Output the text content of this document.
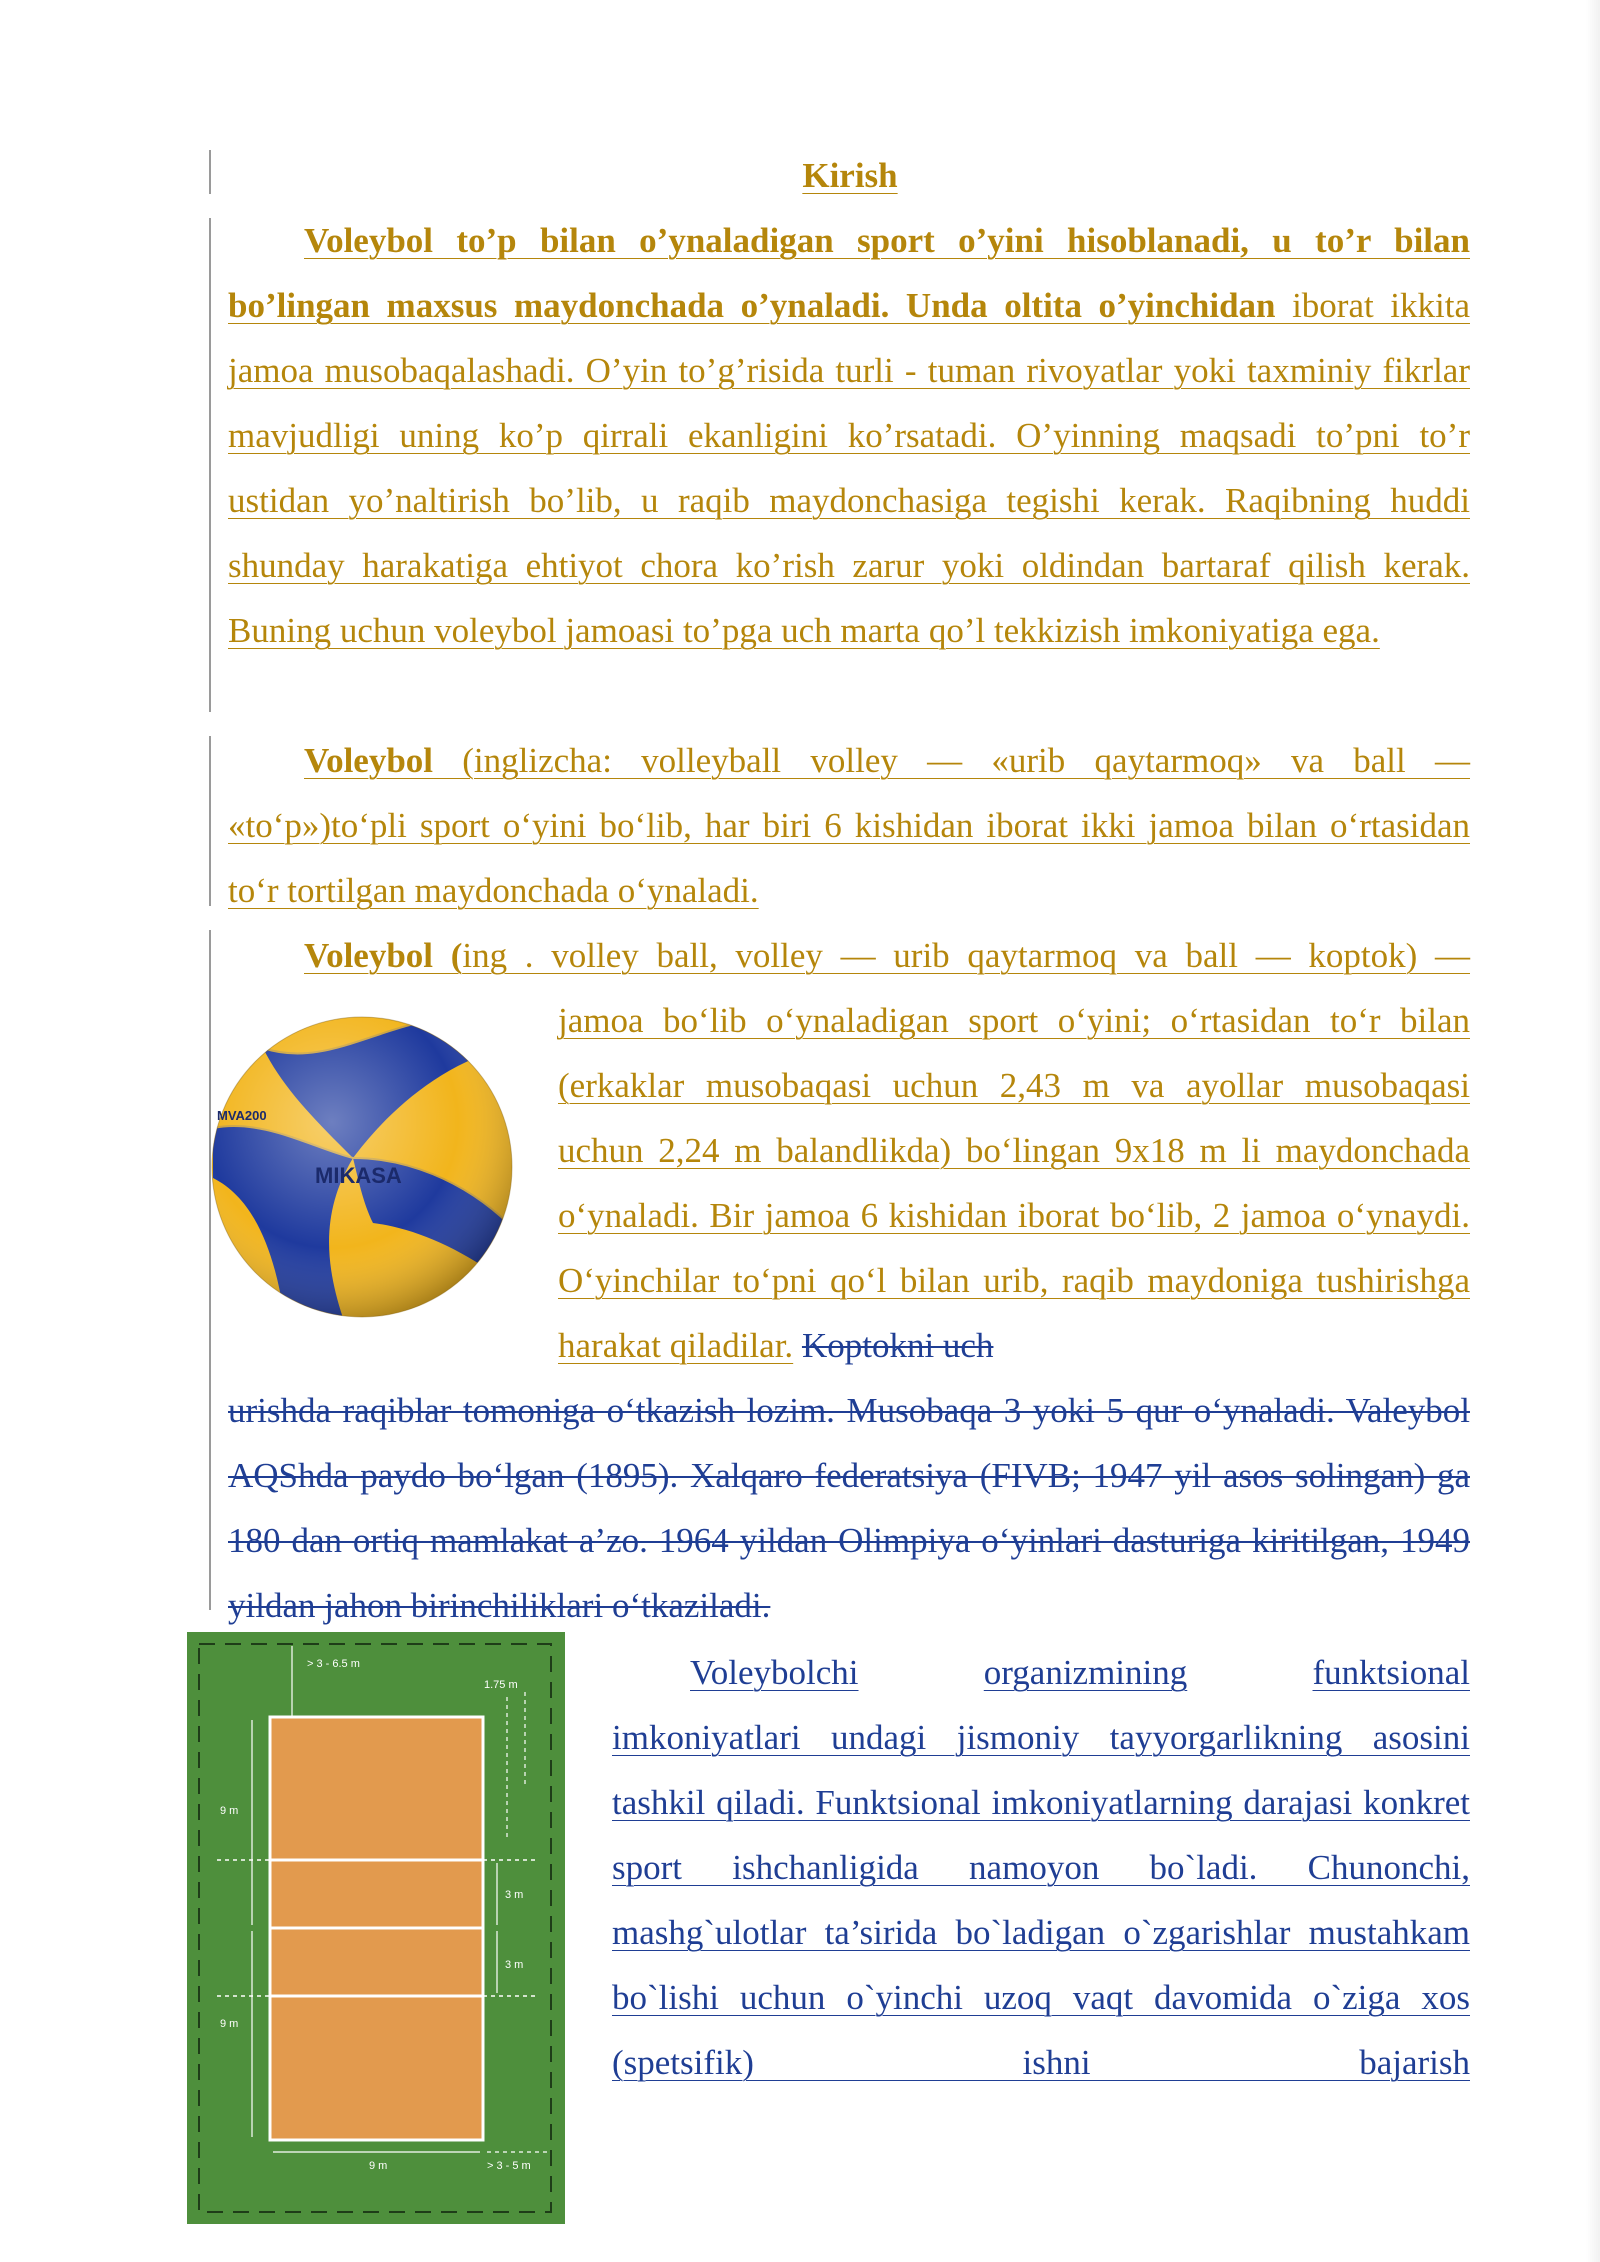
Kirish

Voleybol to’p bilan o’ynaladigan sport o’yini hisoblanadi, u to’r bilan bo’lingan maxsus maydonchada o’ynaladi. Unda oltita o’yinchidan iborat ikkita jamoa musobaqalashadi. O’yin to’g’risida turli - tuman rivoyatlar yoki taxminiy fikrlar mavjudligi uning ko’p qirrali ekanligini ko’rsatadi. O’yinning maqsadi to’pni to’r ustidan yo’naltirish bo’lib, u raqib maydonchasiga tegishi kerak. Raqibning huddi shunday harakatiga ehtiyot chora ko’rish zarur yoki oldindan bartaraf qilish kerak. Buning uchun voleybol jamoasi to’pga uch marta qo’l tekkizish imkoniyatiga ega.

Voleybol (inglizcha: volleyball volley — «urib qaytarmoq» va ball — «to‘p»)to‘pli sport o‘yini bo‘lib, har biri 6 kishidan iborat ikki jamoa bilan o‘rtasidan to‘r tortilgan maydonchada o‘ynaladi.

Voleybol (ing . volley ball, volley — urib qaytarmoq va ball — koptok) —

MIKASA
MVA200

jamoa bo‘lib o‘ynaladigan sport o‘yini; o‘rtasidan to‘r bilan (erkaklar musobaqasi uchun 2,43 m va ayollar musobaqasi uchun 2,24 m balandlikda) bo‘lingan 9x18 m li maydonchada o‘ynaladi. Bir jamoa 6 kishidan iborat bo‘lib, 2 jamoa o‘ynaydi. O‘yinchilar to‘pni qo‘l bilan urib, raqib maydoniga tushirishga harakat qiladilar. Koptokni uch

urishda raqiblar tomoniga o‘tkazish lozim. Musobaqa 3 yoki 5 qur o‘ynaladi. Valeybol AQShda paydo bo‘lgan (1895). Xalqaro federatsiya (FIVB; 1947 yil asos solingan) ga 180 dan ortiq mamlakat a’zo. 1964 yildan Olimpiya o‘yinlari dasturiga kiritilgan, 1949 yildan jahon birinchiliklari o‘tkaziladi.

> 3 - 6.5 m
1.75 m
9 m
9 m
3 m
3 m
9 m	> 3 - 5 m

Voleybolchi	organizmining	funktsional

imkoniyatlari undagi jismoniy tayyorgarlikning asosini tashkil qiladi. Funktsional imkoniyatlarning darajasi konkret sport ishchanligida namoyon bo`ladi. Chunonchi, mashg`ulotlar ta’sirida bo`ladigan o`zgarishlar mustahkam bo`lishi uchun o`yinchi uzoq vaqt davomida o`ziga xos (spetsifik) ishni bajarish
